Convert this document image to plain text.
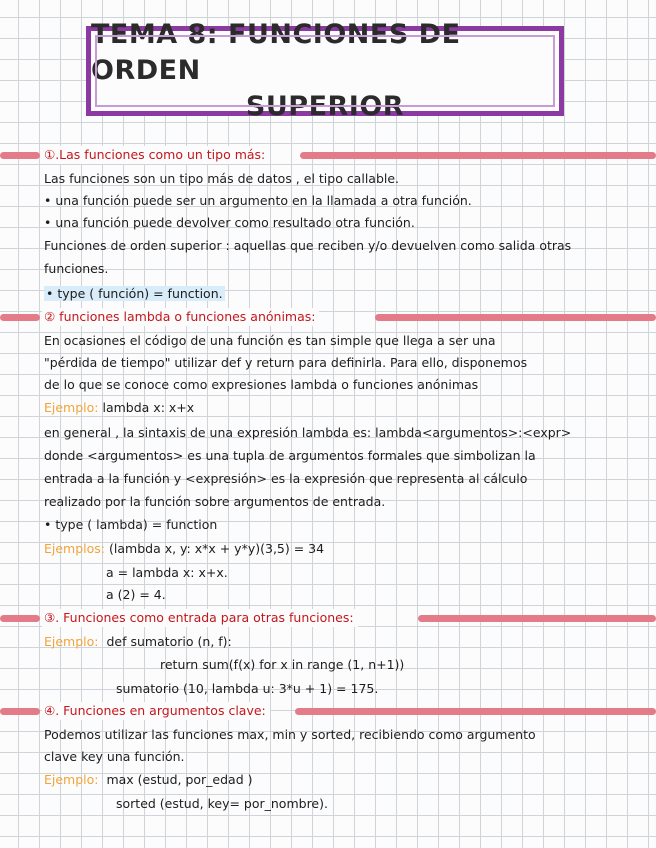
TEMA 8: FUNCIONES DE ORDEN
SUPERIOR
①.Las funciones como un tipo más:
Las funciones son un tipo más de datos , el tipo callable.
• una función puede ser un argumento en la llamada a otra función.
• una función puede devolver como resultado otra función.
Funciones de orden superior : aquellas que reciben y/o devuelven como salida otras
funciones.
• type ( función) = function.
② funciones lambda o funciones anónimas:
En ocasiones el código de una función es tan simple que llega a ser una
"pérdida de tiempo" utilizar def y return para definirla. Para ello, disponemos
de lo que se conoce como expresiones lambda o funciones anónimas
Ejemplo: lambda x: x+x
en general , la sintaxis de una expresión lambda es: lambda<argumentos>:<expr>
donde <argumentos> es una tupla de argumentos formales que simbolizan la
entrada a la función y <expresión> es la expresión que representa al cálculo
realizado por la función sobre argumentos de entrada.
• type ( lambda) = function
Ejemplos: (lambda x, y: x*x + y*y)(3,5) = 34
a = lambda x: x+x.
a (2) = 4.
③. Funciones como entrada para otras funciones:
Ejemplo: def sumatorio (n, f):
return sum(f(x) for x in range (1, n+1))
sumatorio (10, lambda u: 3*u + 1) = 175.
④. Funciones en argumentos clave:
Podemos utilizar las funciones max, min y sorted, recibiendo como argumento
clave key una función.
Ejemplo: max (estud, por_edad )
sorted (estud, key= por_nombre).
